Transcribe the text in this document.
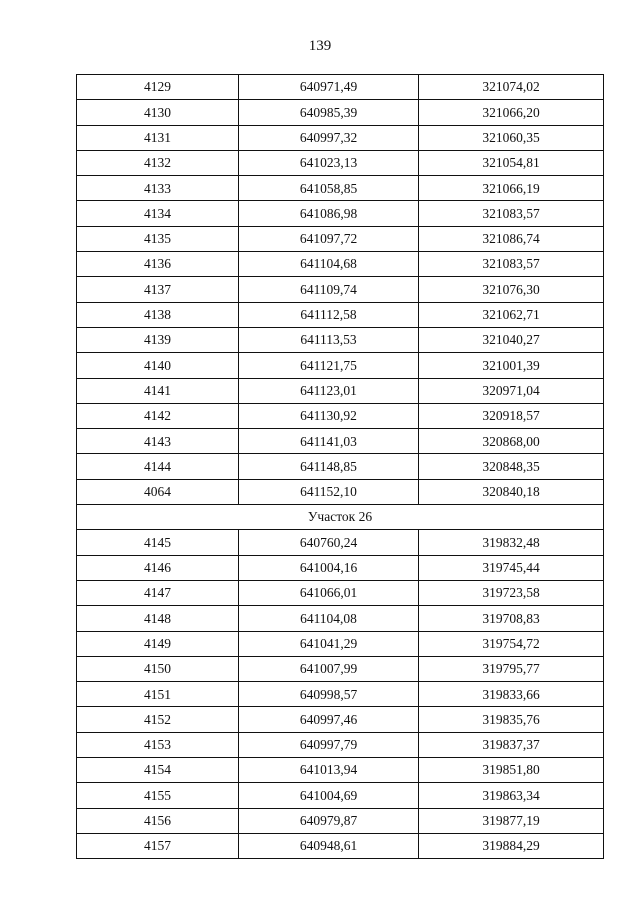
139
4129	640971,49	321074,02
4130	640985,39	321066,20
4131	640997,32	321060,35
4132	641023,13	321054,81
4133	641058,85	321066,19
4134	641086,98	321083,57
4135	641097,72	321086,74
4136	641104,68	321083,57
4137	641109,74	321076,30
4138	641112,58	321062,71
4139	641113,53	321040,27
4140	641121,75	321001,39
4141	641123,01	320971,04
4142	641130,92	320918,57
4143	641141,03	320868,00
4144	641148,85	320848,35
4064	641152,10	320840,18
Участок 26		
4145	640760,24	319832,48
4146	641004,16	319745,44
4147	641066,01	319723,58
4148	641104,08	319708,83
4149	641041,29	319754,72
4150	641007,99	319795,77
4151	640998,57	319833,66
4152	640997,46	319835,76
4153	640997,79	319837,37
4154	641013,94	319851,80
4155	641004,69	319863,34
4156	640979,87	319877,19
4157	640948,61	319884,29
